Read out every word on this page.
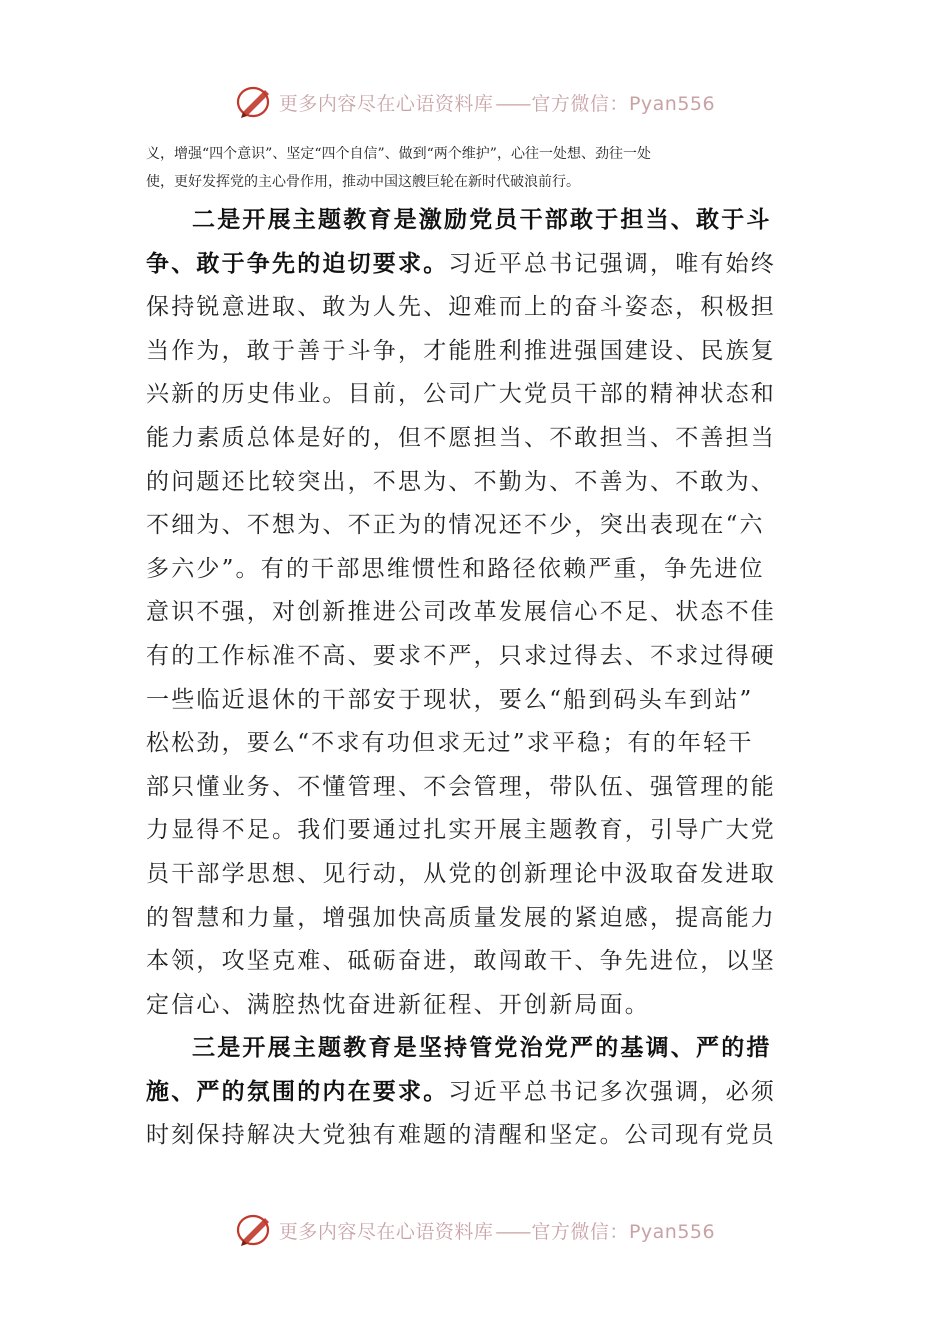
更多内容尽在心语资料库 —— 官方微信：Pyan556
义，增强“四个意识”、坚定“四个自信”、做到“两个维护”，心往一处想、劲往一处
使，更好发挥党的主心骨作用，推动中国这艘巨轮在新时代破浪前行。
二是开展主题教育是激励党员干部敢于担当、敢于斗
争、敢于争先的迫切要求。习近平总书记强调，唯有始终
保持锐意进取、敢为人先、迎难而上的奋斗姿态，积极担
当作为，敢于善于斗争，才能胜利推进强国建设、民族复
兴新的历史伟业。目前，公司广大党员干部的精神状态和
能力素质总体是好的，但不愿担当、不敢担当、不善担当
的问题还比较突出，不思为、不勤为、不善为、不敢为、
不细为、不想为、不正为的情况还不少，突出表现在“六
多六少”。有的干部思维惯性和路径依赖严重，争先进位
意识不强，对创新推进公司改革发展信心不足、状态不佳
有的工作标准不高、要求不严，只求过得去、不求过得硬
一些临近退休的干部安于现状，要么“船到码头车到站”
松松劲，要么“不求有功但求无过”求平稳；有的年轻干
部只懂业务、不懂管理、不会管理，带队伍、强管理的能
力显得不足。我们要通过扎实开展主题教育，引导广大党
员干部学思想、见行动，从党的创新理论中汲取奋发进取
的智慧和力量，增强加快高质量发展的紧迫感，提高能力
本领，攻坚克难、砥砺奋进，敢闯敢干、争先进位，以坚
定信心、满腔热忱奋进新征程、开创新局面。
三是开展主题教育是坚持管党治党严的基调、严的措
施、严的氛围的内在要求。习近平总书记多次强调，必须
时刻保持解决大党独有难题的清醒和坚定。公司现有党员
更多内容尽在心语资料库 —— 官方微信：Pyan556
